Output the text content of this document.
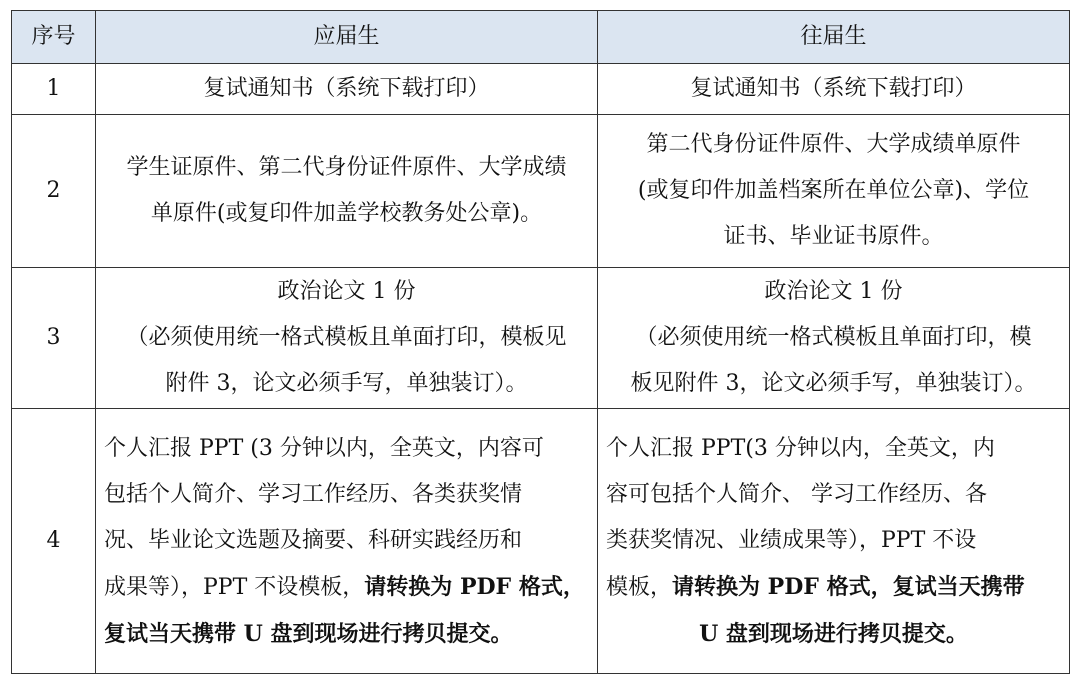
序号	应届生	往届生
1	复试通知书（系统下载打印）	复试通知书（系统下载打印）

2	学生证原件、第二代身份证件原件、大学成绩
单原件(或复印件加盖学校教务处公章)。	第二代身份证件原件、大学成绩单原件
(或复印件加盖档案所在单位公章)、学位
证书、毕业证书原件。

3	政治论文 1 份
（必须使用统一格式模板且单面打印，模板见
附件 3，论文必须手写，单独装订）。	政治论文 1 份
（必须使用统一格式模板且单面打印，模
板见附件 3，论文必须手写，单独装订）。

4	个人汇报 PPT (3 分钟以内，全英文，内容可
包括个人简介、学习工作经历、各类获奖情
况、毕业论文选题及摘要、科研实践经历和
成果等），PPT 不设模板，请转换为 PDF 格式，
复试当天携带 U 盘到现场进行拷贝提交。	个人汇报 PPT(3 分钟以内，全英文，内
容可包括个人简介、 学习工作经历、各
类获奖情况、业绩成果等），PPT 不设
模板，请转换为 PDF 格式，复试当天携带
U 盘到现场进行拷贝提交。
